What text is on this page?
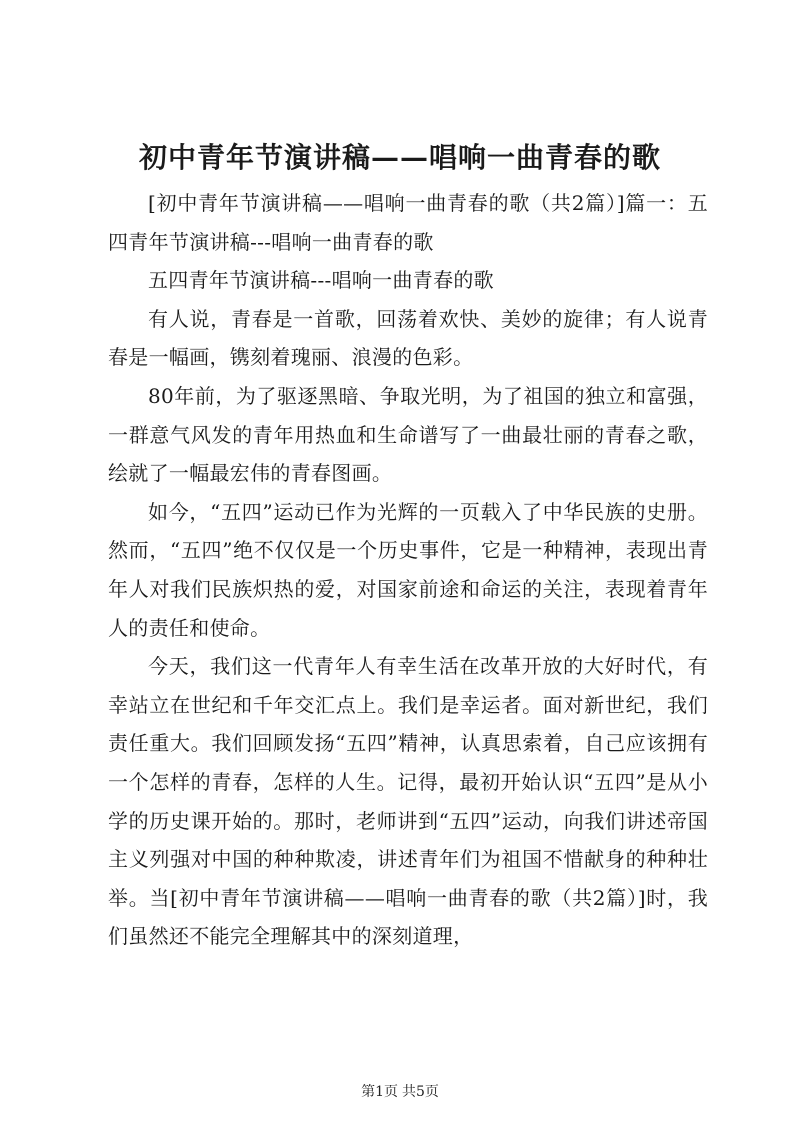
初中青年节演讲稿——唱响一曲青春的歌

[初中青年节演讲稿——唱响一曲青春的歌（共2篇）]篇一：五四青年节演讲稿---唱响一曲青春的歌

五四青年节演讲稿---唱响一曲青春的歌

有人说，青春是一首歌，回荡着欢快、美妙的旋律；有人说青春是一幅画，镌刻着瑰丽、浪漫的色彩。

80年前，为了驱逐黑暗、争取光明，为了祖国的独立和富强，一群意气风发的青年用热血和生命谱写了一曲最壮丽的青春之歌，绘就了一幅最宏伟的青春图画。

如今，“五四”运动已作为光辉的一页载入了中华民族的史册。然而，“五四”绝不仅仅是一个历史事件，它是一种精神，表现出青年人对我们民族炽热的爱，对国家前途和命运的关注，表现着青年人的责任和使命。

今天，我们这一代青年人有幸生活在改革开放的大好时代，有幸站立在世纪和千年交汇点上。我们是幸运者。面对新世纪，我们责任重大。我们回顾发扬“五四”精神，认真思索着，自己应该拥有一个怎样的青春，怎样的人生。记得，最初开始认识“五四”是从小学的历史课开始的。那时，老师讲到“五四”运动，向我们讲述帝国主义列强对中国的种种欺凌，讲述青年们为祖国不惜献身的种种壮举。当[初中青年节演讲稿——唱响一曲青春的歌（共2篇）]时，我们虽然还不能完全理解其中的深刻道理，

第1页 共5页
